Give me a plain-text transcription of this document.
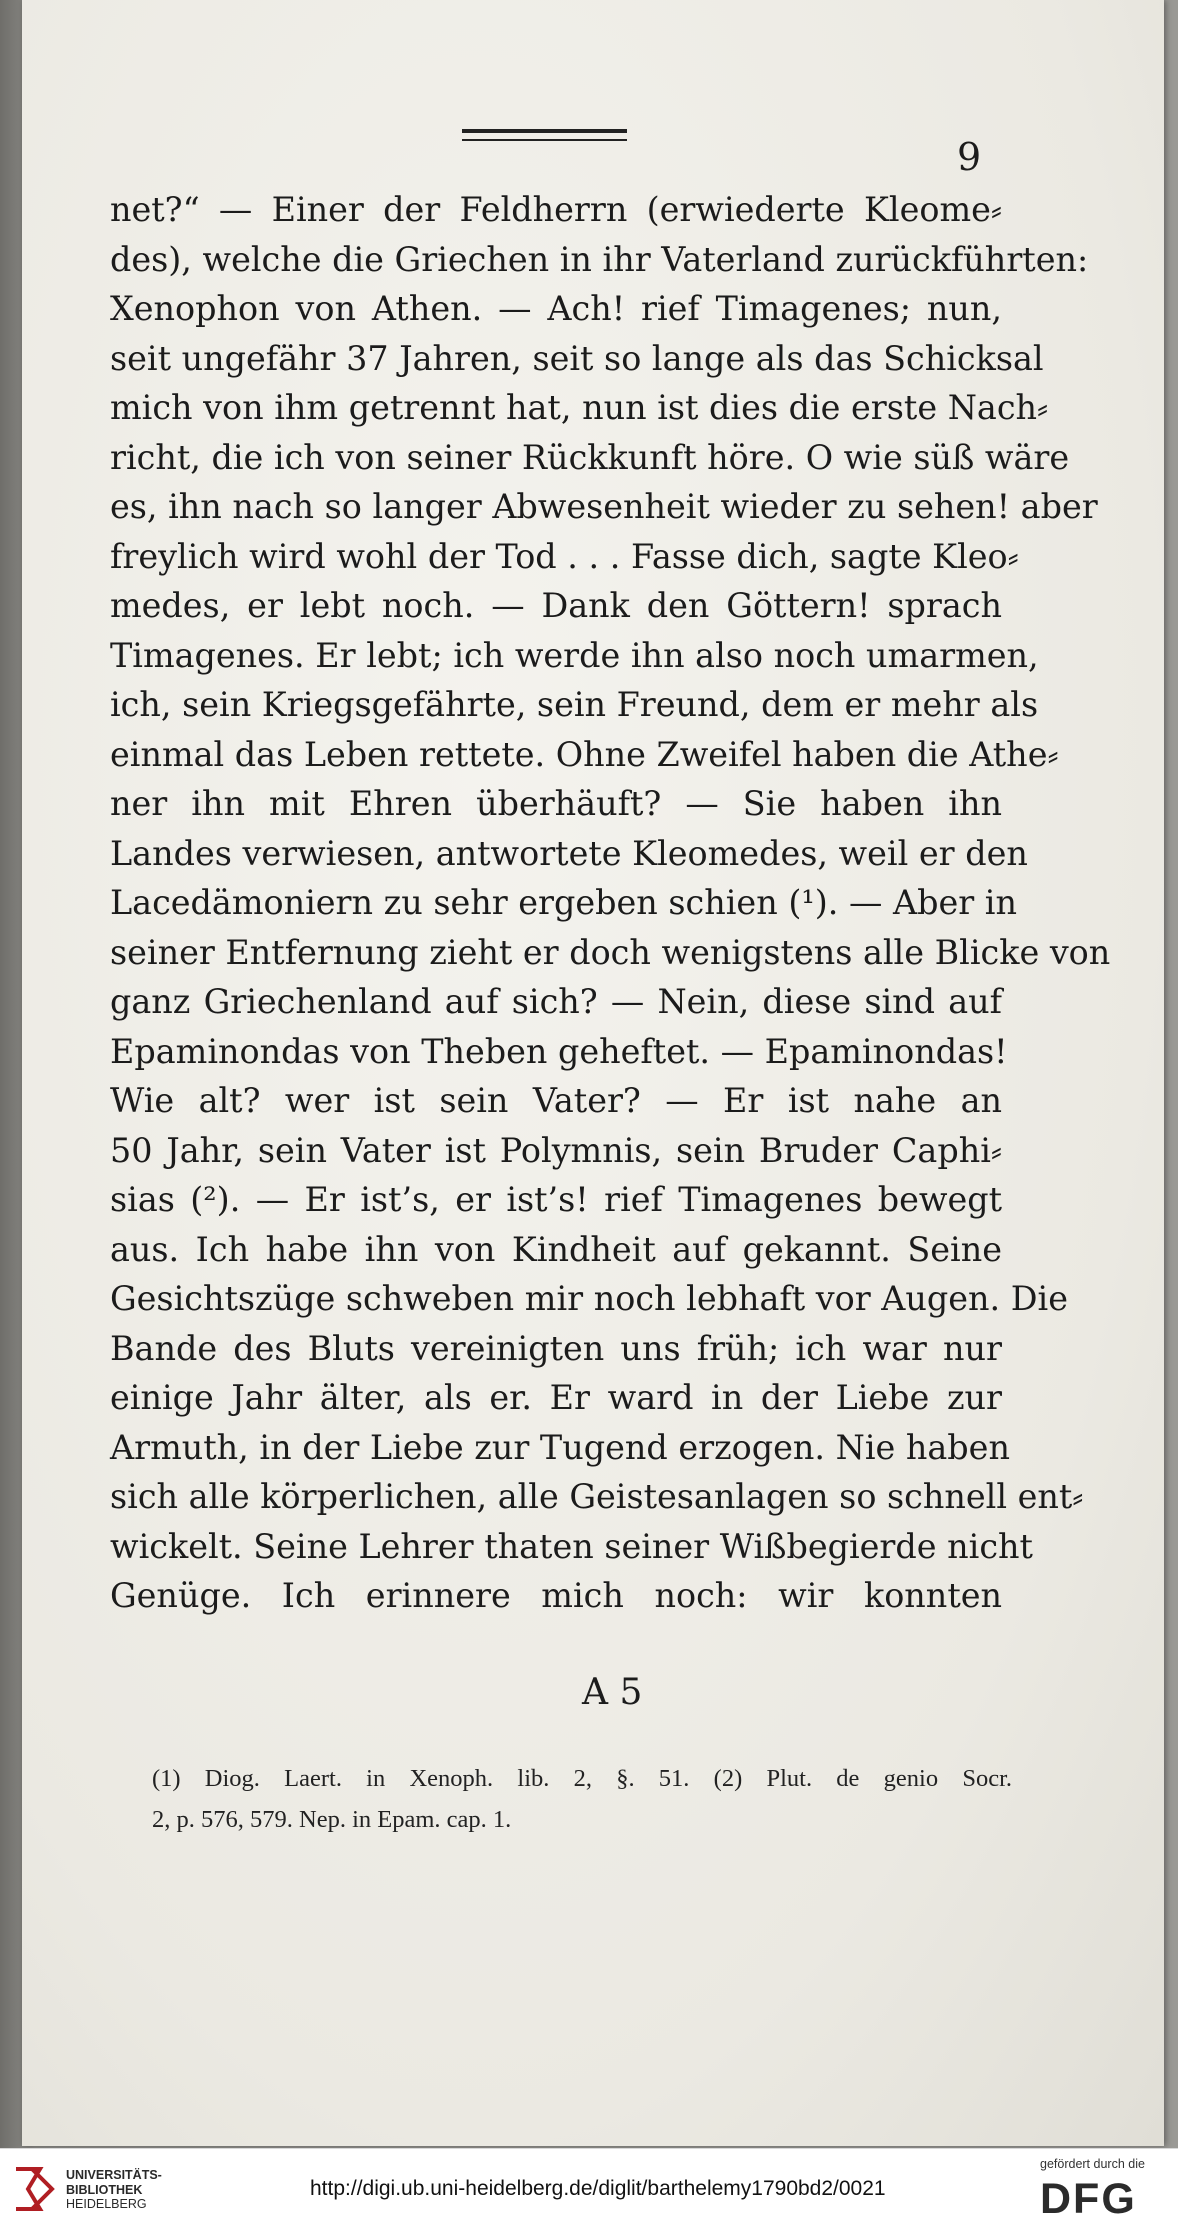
9
net?“ — Einer der Feldherrn (erwiederte Kleome⸗
des), welche die Griechen in ihr Vaterland zurückführten:
Xenophon von Athen. — Ach! rief Timagenes; nun,
seit ungefähr 37 Jahren, seit so lange als das Schicksal
mich von ihm getrennt hat, nun ist dies die erste Nach⸗
richt, die ich von seiner Rückkunft höre. O wie süß wäre
es, ihn nach so langer Abwesenheit wieder zu sehen! aber
freylich wird wohl der Tod . . . Fasse dich, sagte Kleo⸗
medes, er lebt noch. — Dank den Göttern! sprach
Timagenes. Er lebt; ich werde ihn also noch umarmen,
ich, sein Kriegsgefährte, sein Freund, dem er mehr als
einmal das Leben rettete. Ohne Zweifel haben die Athe⸗
ner ihn mit Ehren überhäuft? — Sie haben ihn
Landes verwiesen, antwortete Kleomedes, weil er den
Lacedämoniern zu sehr ergeben schien (¹). — Aber in
seiner Entfernung zieht er doch wenigstens alle Blicke von
ganz Griechenland auf sich? — Nein, diese sind auf
Epaminondas von Theben geheftet. — Epaminondas!
Wie alt? wer ist sein Vater? — Er ist nahe an
50 Jahr, sein Vater ist Polymnis, sein Bruder Caphi⸗
sias (²). — Er ist’s, er ist’s! rief Timagenes bewegt
aus. Ich habe ihn von Kindheit auf gekannt. Seine
Gesichtszüge schweben mir noch lebhaft vor Augen. Die
Bande des Bluts vereinigten uns früh; ich war nur
einige Jahr älter, als er. Er ward in der Liebe zur
Armuth, in der Liebe zur Tugend erzogen. Nie haben
sich alle körperlichen, alle Geistesanlagen so schnell ent⸗
wickelt. Seine Lehrer thaten seiner Wißbegierde nicht
Genüge. Ich erinnere mich noch: wir konnten
A 5
(1) Diog. Laert. in Xenoph. lib. 2, §. 51. (2) Plut. de genio Socr.
2, p. 576, 579. Nep. in Epam. cap. 1.
UNIVERSITÄTS-
BIBLIOTHEK
HEIDELBERG
http://digi.ub.uni-heidelberg.de/diglit/barthelemy1790bd2/0021
gefördert durch die
DFG
